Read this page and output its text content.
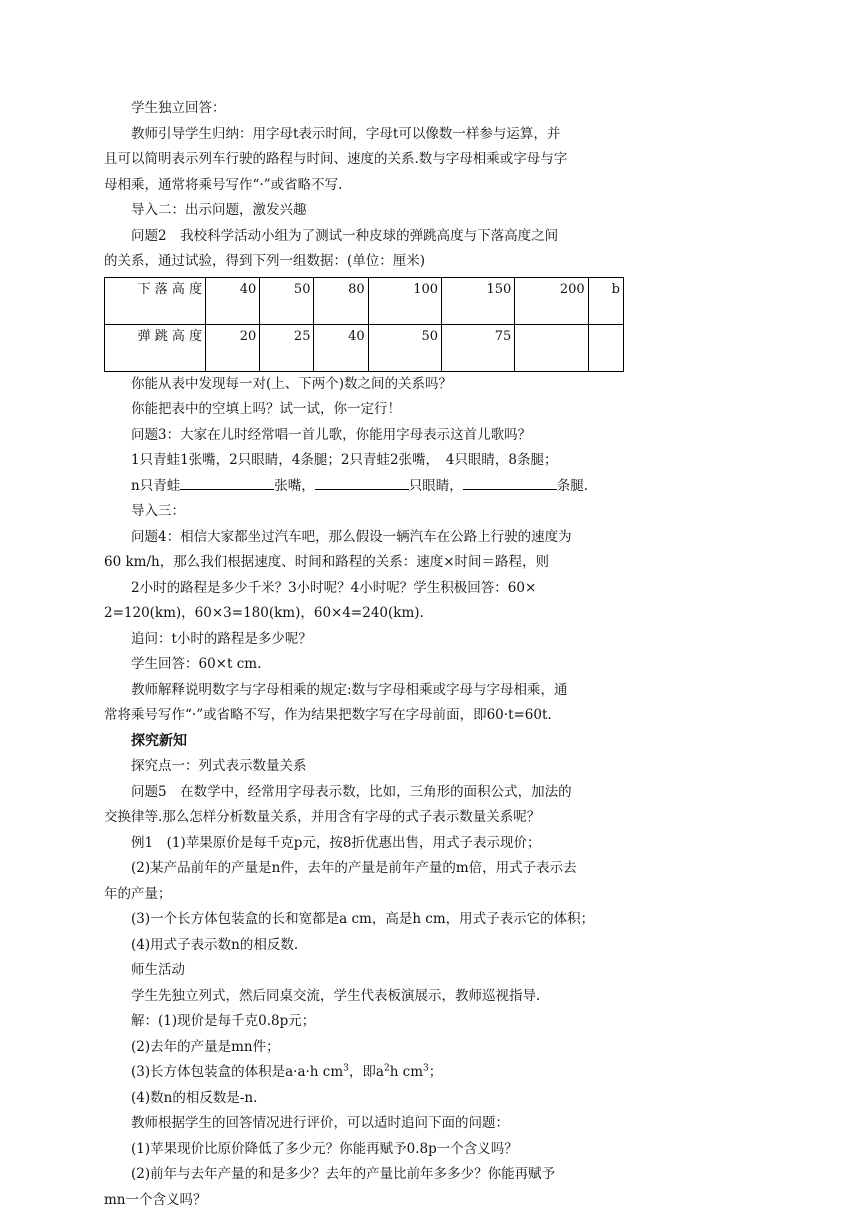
学生独立回答：

教师引导学生归纳：用字母t表示时间，字母t可以像数一样参与运算，并

且可以简明表示列车行驶的路程与时间、速度的关系.数与字母相乘或字母与字

母相乘，通常将乘号写作“·”或省略不写.

导入二：出示问题，激发兴趣

问题2　我校科学活动小组为了测试一种皮球的弹跳高度与下落高度之间

的关系，通过试验，得到下列一组数据：(单位：厘米)

下 落 高 度	40	50	80	100	150	200	b
弹 跳 高 度	20	25	40	50	75		

你能从表中发现每一对(上、下两个)数之间的关系吗？

你能把表中的空填上吗？试一试，你一定行！

问题3：大家在儿时经常唱一首儿歌，你能用字母表示这首儿歌吗？

1只青蛙1张嘴，2只眼睛，4条腿；2只青蛙2张嘴，　4只眼睛，8条腿；

n只青蛙	张嘴，	只眼睛，	条腿.

导入三：

问题4：相信大家都坐过汽车吧，那么假设一辆汽车在公路上行驶的速度为

60 km/h，那么我们根据速度、时间和路程的关系：速度×时间＝路程，则

2小时的路程是多少千米？3小时呢？4小时呢？学生积极回答：60×

2=120(km)，60×3=180(km)，60×4=240(km).

追问：t小时的路程是多少呢？

学生回答：60×t cm.

教师解释说明数字与字母相乘的规定:数与字母相乘或字母与字母相乘，通

常将乘号写作“·”或省略不写，作为结果把数字写在字母前面，即60·t=60t.

探究新知

探究点一：列式表示数量关系

问题5　在数学中，经常用字母表示数，比如，三角形的面积公式，加法的

交换律等.那么怎样分析数量关系，并用含有字母的式子表示数量关系呢？

例1　(1)苹果原价是每千克p元，按8折优惠出售，用式子表示现价；

(2)某产品前年的产量是n件，去年的产量是前年产量的m倍，用式子表示去

年的产量；

(3)一个长方体包装盒的长和宽都是a cm，高是h cm，用式子表示它的体积；

(4)用式子表示数n的相反数.

师生活动

学生先独立列式，然后同桌交流，学生代表板演展示，教师巡视指导.

解：(1)现价是每千克0.8p元；

(2)去年的产量是mn件；

(3)长方体包装盒的体积是a·a·h $cm^3$，即$a^2h$ $cm^3$；

(4)数n的相反数是-n.

教师根据学生的回答情况进行评价，可以适时追问下面的问题：

(1)苹果现价比原价降低了多少元？你能再赋予0.8p一个含义吗？

(2)前年与去年产量的和是多少？去年的产量比前年多多少？你能再赋予

mn一个含义吗？
